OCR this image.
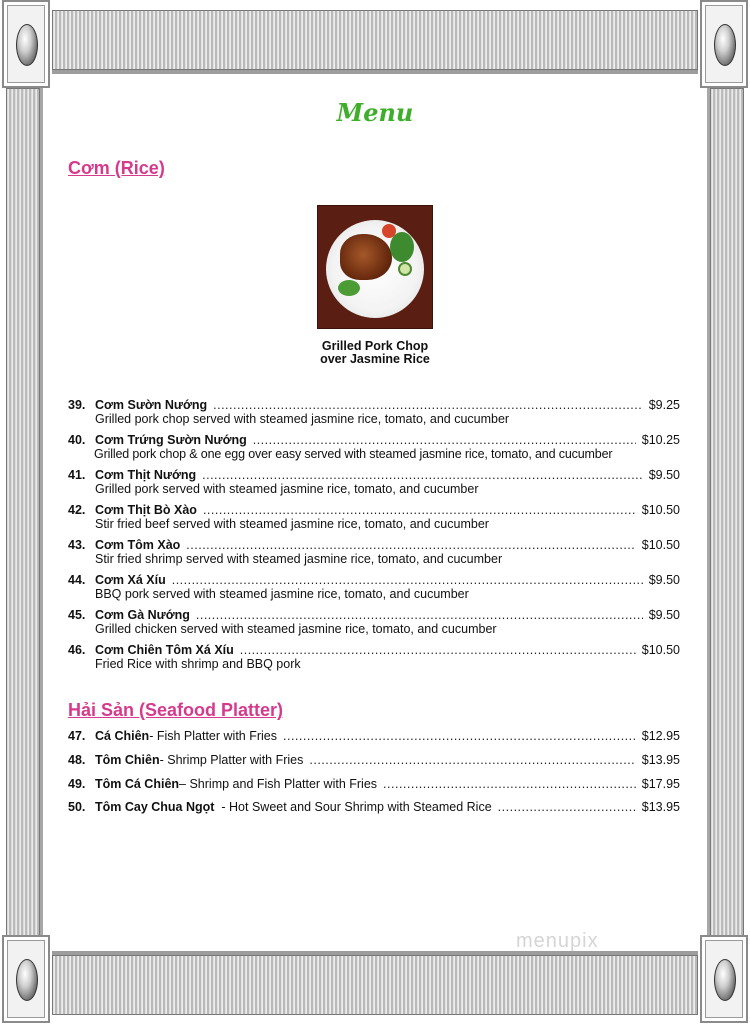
Menu
Cơm (Rice)
Grilled Pork Chop
over Jasmine Rice
39. Cơm Sườn Nướng .....	$9.25
Grilled pork chop served with steamed jasmine rice, tomato, and cucumber
40. Cơm Trứng Sườn Nướng .....	$10.25
Grilled pork chop & one egg over easy served with steamed jasmine rice, tomato, and cucumber
41. Cơm Thịt Nướng .....	$9.50
Grilled pork served with steamed jasmine rice, tomato, and cucumber
42. Cơm Thịt Bò Xào .....	$10.50
Stir fried beef served with steamed jasmine rice, tomato, and cucumber
43. Cơm Tôm Xào .....	$10.50
Stir fried shrimp served with steamed jasmine rice, tomato, and cucumber
44. Cơm Xá Xíu .....	$9.50
BBQ pork served with steamed jasmine rice, tomato, and cucumber
45. Cơm Gà Nướng .....	$9.50
Grilled chicken served with steamed jasmine rice, tomato, and cucumber
46. Cơm Chiên Tôm Xá Xíu .....	$10.50
Fried Rice with shrimp and BBQ pork
Hải Sản (Seafood Platter)
47. Cá Chiên - Fish Platter with Fries .....	$12.95
48. Tôm Chiên - Shrimp Platter with Fries .....	$13.95
49. Tôm Cá Chiên – Shrimp and Fish Platter with Fries .....	$17.95
50. Tôm Cay Chua Ngọt - Hot Sweet and Sour Shrimp with Steamed Rice .....	$13.95
menupix
